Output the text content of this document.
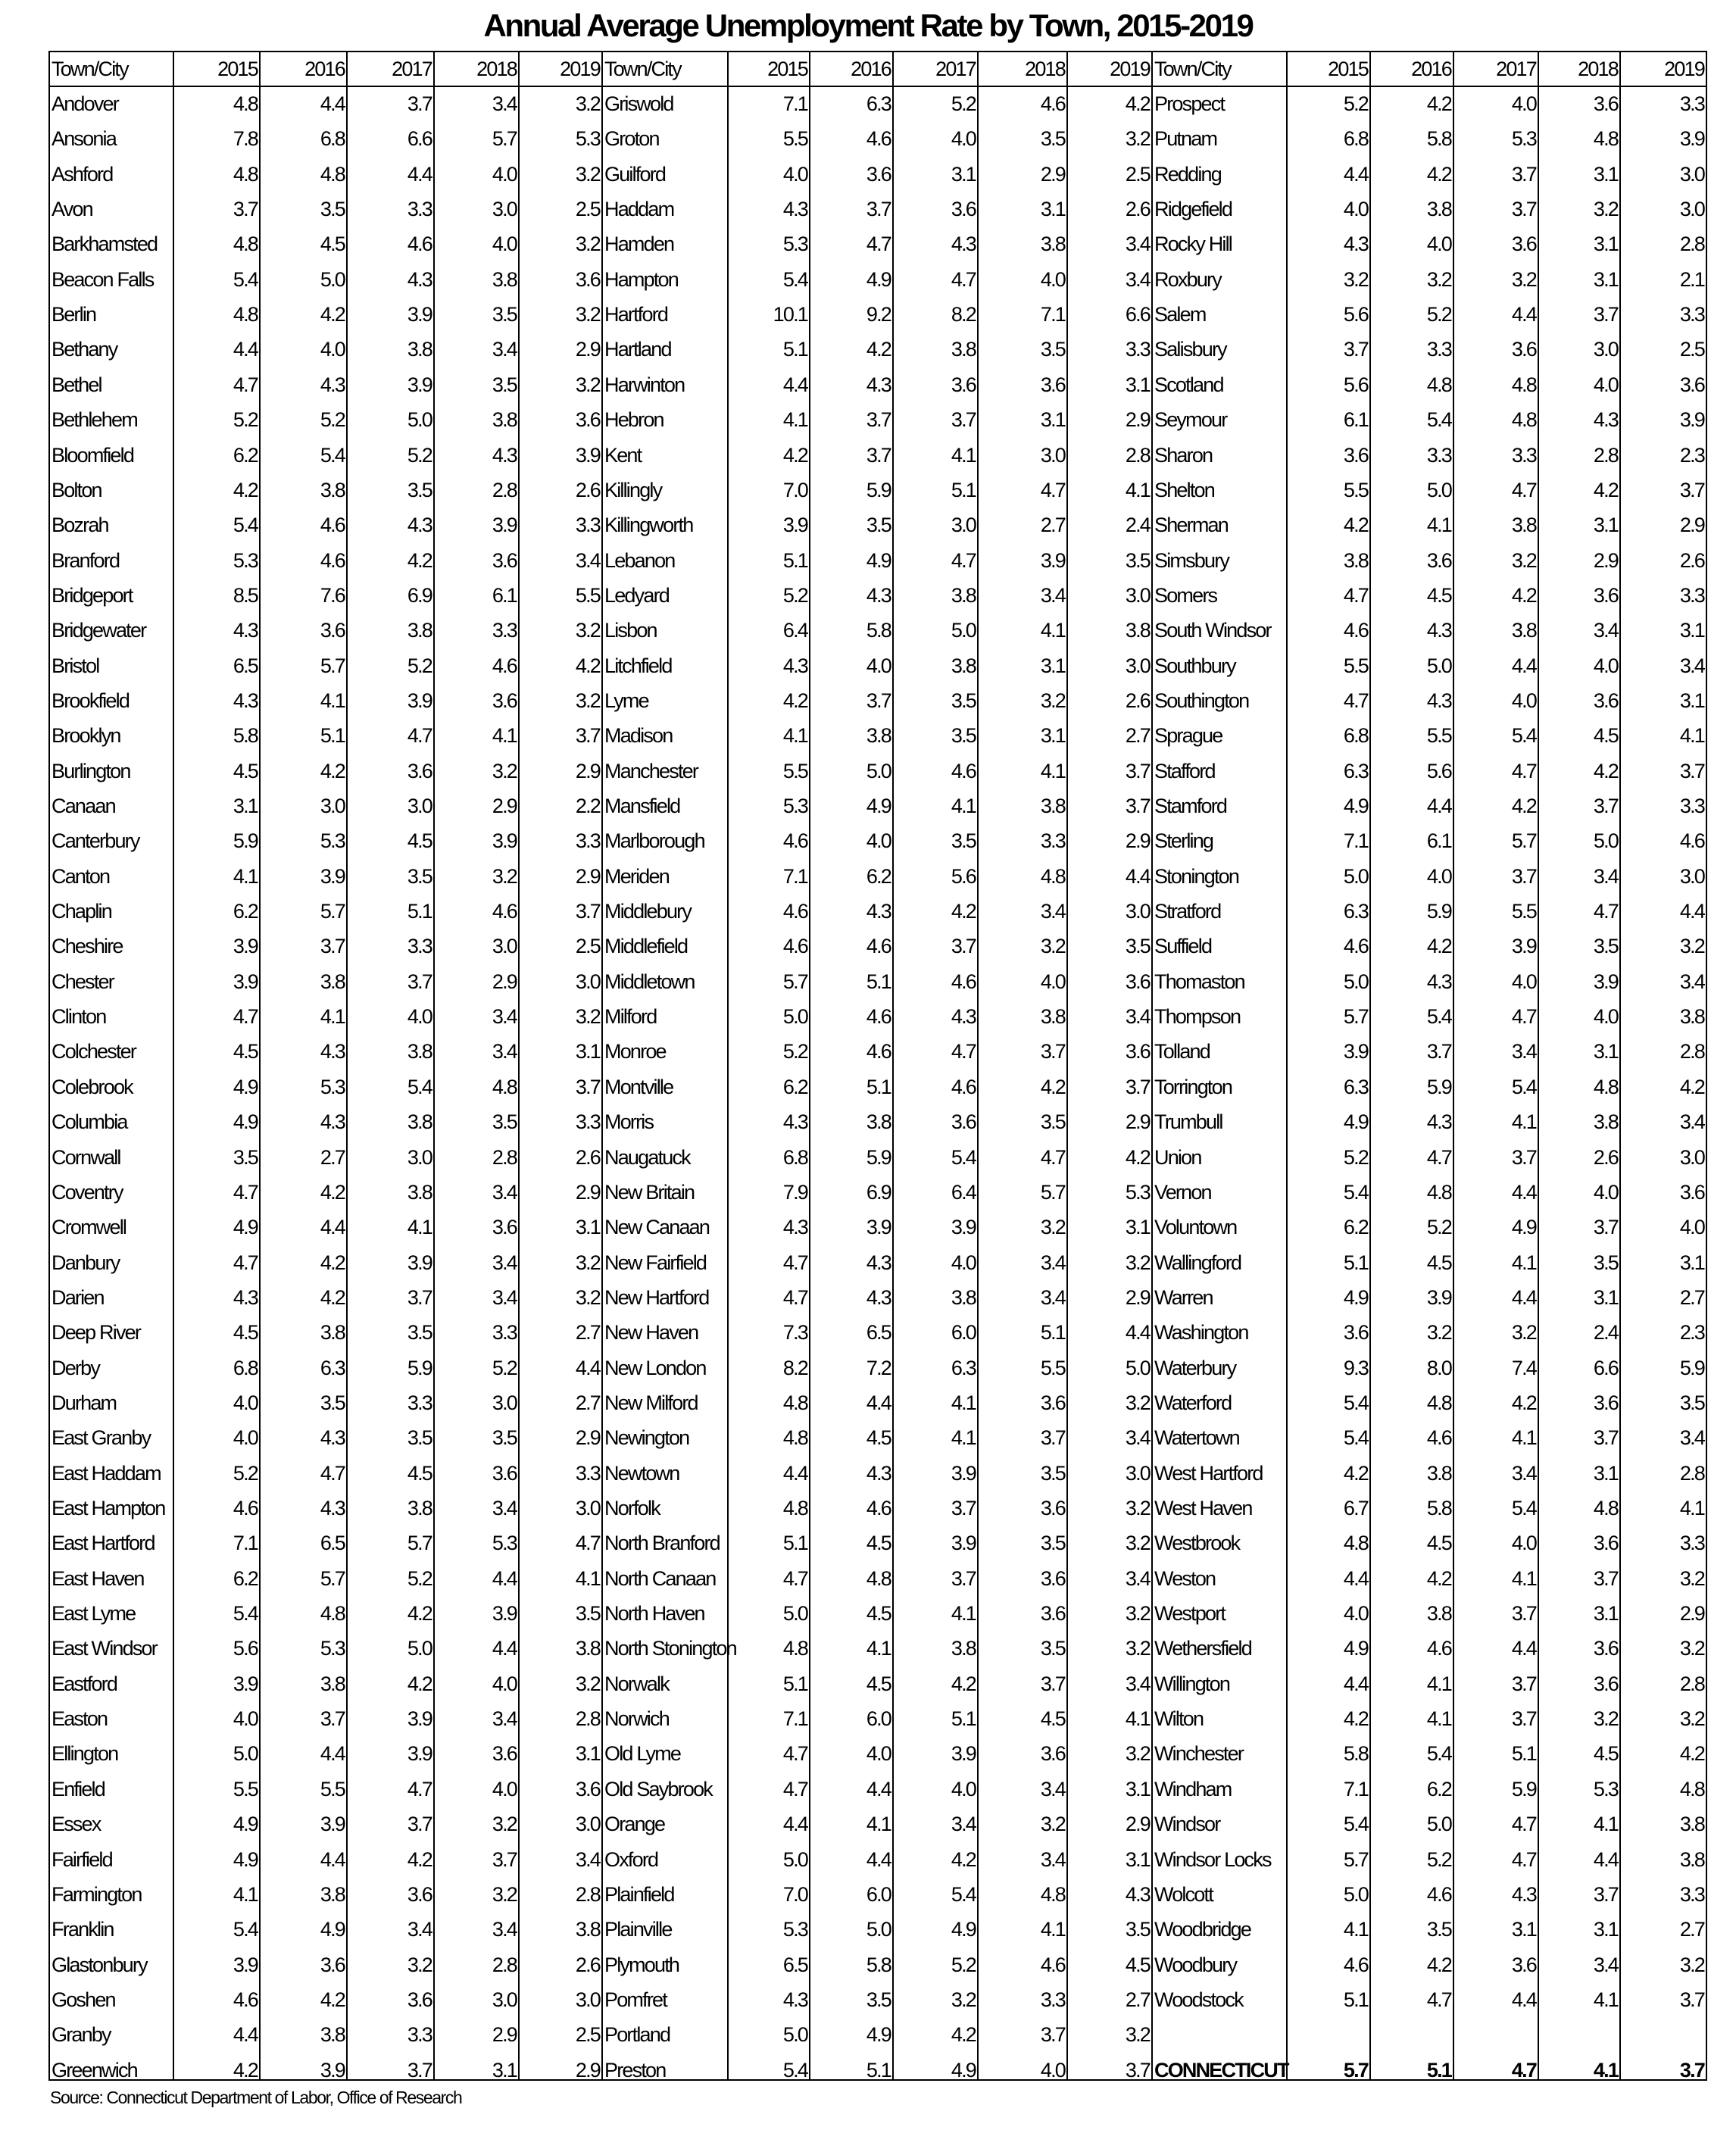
Annual Average Unemployment Rate by Town, 2015-2019
Town/City	2015	2016	2017	2018	2019 Town/City	2015	2016	2017	2018	2019 Town/City	2015	2016	2017	2018	2019
Andover	4.8	4.4	3.7	3.4	3.2
Ansonia	7.8	6.8	6.6	5.7	5.3
Ashford	4.8	4.8	4.4	4.0	3.2
Avon	3.7	3.5	3.3	3.0	2.5
Barkhamsted	4.8	4.5	4.6	4.0	3.2
Beacon Falls	5.4	5.0	4.3	3.8	3.6
Berlin	4.8	4.2	3.9	3.5	3.2
Bethany	4.4	4.0	3.8	3.4	2.9
Bethel	4.7	4.3	3.9	3.5	3.2
Bethlehem	5.2	5.2	5.0	3.8	3.6
Bloomfield	6.2	5.4	5.2	4.3	3.9
Bolton	4.2	3.8	3.5	2.8	2.6
Bozrah	5.4	4.6	4.3	3.9	3.3
Branford	5.3	4.6	4.2	3.6	3.4
Bridgeport	8.5	7.6	6.9	6.1	5.5
Bridgewater	4.3	3.6	3.8	3.3	3.2
Bristol	6.5	5.7	5.2	4.6	4.2
Brookfield	4.3	4.1	3.9	3.6	3.2
Brooklyn	5.8	5.1	4.7	4.1	3.7
Burlington	4.5	4.2	3.6	3.2	2.9
Canaan	3.1	3.0	3.0	2.9	2.2
Canterbury	5.9	5.3	4.5	3.9	3.3
Canton	4.1	3.9	3.5	3.2	2.9
Chaplin	6.2	5.7	5.1	4.6	3.7
Cheshire	3.9	3.7	3.3	3.0	2.5
Chester	3.9	3.8	3.7	2.9	3.0
Clinton	4.7	4.1	4.0	3.4	3.2
Colchester	4.5	4.3	3.8	3.4	3.1
Colebrook	4.9	5.3	5.4	4.8	3.7
Columbia	4.9	4.3	3.8	3.5	3.3
Cornwall	3.5	2.7	3.0	2.8	2.6
Coventry	4.7	4.2	3.8	3.4	2.9
Cromwell	4.9	4.4	4.1	3.6	3.1
Danbury	4.7	4.2	3.9	3.4	3.2
Darien	4.3	4.2	3.7	3.4	3.2
Deep River	4.5	3.8	3.5	3.3	2.7
Derby	6.8	6.3	5.9	5.2	4.4
Durham	4.0	3.5	3.3	3.0	2.7
East Granby	4.0	4.3	3.5	3.5	2.9
East Haddam	5.2	4.7	4.5	3.6	3.3
East Hampton	4.6	4.3	3.8	3.4	3.0
East Hartford	7.1	6.5	5.7	5.3	4.7
East Haven	6.2	5.7	5.2	4.4	4.1
East Lyme	5.4	4.8	4.2	3.9	3.5
East Windsor	5.6	5.3	5.0	4.4	3.8
Eastford	3.9	3.8	4.2	4.0	3.2
Easton	4.0	3.7	3.9	3.4	2.8
Ellington	5.0	4.4	3.9	3.6	3.1
Enfield	5.5	5.5	4.7	4.0	3.6
Essex	4.9	3.9	3.7	3.2	3.0
Fairfield	4.9	4.4	4.2	3.7	3.4
Farmington	4.1	3.8	3.6	3.2	2.8
Franklin	5.4	4.9	3.4	3.4	3.8
Glastonbury	3.9	3.6	3.2	2.8	2.6
Goshen	4.6	4.2	3.6	3.0	3.0
Granby	4.4	3.8	3.3	2.9	2.5
Greenwich	4.2	3.9	3.7	3.1	2.9
Griswold	7.1	6.3	5.2	4.6	4.2
Groton	5.5	4.6	4.0	3.5	3.2
Guilford	4.0	3.6	3.1	2.9	2.5
Haddam	4.3	3.7	3.6	3.1	2.6
Hamden	5.3	4.7	4.3	3.8	3.4
Hampton	5.4	4.9	4.7	4.0	3.4
Hartford	10.1	9.2	8.2	7.1	6.6
Hartland	5.1	4.2	3.8	3.5	3.3
Harwinton	4.4	4.3	3.6	3.6	3.1
Hebron	4.1	3.7	3.7	3.1	2.9
Kent	4.2	3.7	4.1	3.0	2.8
Killingly	7.0	5.9	5.1	4.7	4.1
Killingworth	3.9	3.5	3.0	2.7	2.4
Lebanon	5.1	4.9	4.7	3.9	3.5
Ledyard	5.2	4.3	3.8	3.4	3.0
Lisbon	6.4	5.8	5.0	4.1	3.8
Litchfield	4.3	4.0	3.8	3.1	3.0
Lyme	4.2	3.7	3.5	3.2	2.6
Madison	4.1	3.8	3.5	3.1	2.7
Manchester	5.5	5.0	4.6	4.1	3.7
Mansfield	5.3	4.9	4.1	3.8	3.7
Marlborough	4.6	4.0	3.5	3.3	2.9
Meriden	7.1	6.2	5.6	4.8	4.4
Middlebury	4.6	4.3	4.2	3.4	3.0
Middlefield	4.6	4.6	3.7	3.2	3.5
Middletown	5.7	5.1	4.6	4.0	3.6
Milford	5.0	4.6	4.3	3.8	3.4
Monroe	5.2	4.6	4.7	3.7	3.6
Montville	6.2	5.1	4.6	4.2	3.7
Morris	4.3	3.8	3.6	3.5	2.9
Naugatuck	6.8	5.9	5.4	4.7	4.2
New Britain	7.9	6.9	6.4	5.7	5.3
New Canaan	4.3	3.9	3.9	3.2	3.1
New Fairfield	4.7	4.3	4.0	3.4	3.2
New Hartford	4.7	4.3	3.8	3.4	2.9
New Haven	7.3	6.5	6.0	5.1	4.4
New London	8.2	7.2	6.3	5.5	5.0
New Milford	4.8	4.4	4.1	3.6	3.2
Newington	4.8	4.5	4.1	3.7	3.4
Newtown	4.4	4.3	3.9	3.5	3.0
Norfolk	4.8	4.6	3.7	3.6	3.2
North Branford	5.1	4.5	3.9	3.5	3.2
North Canaan	4.7	4.8	3.7	3.6	3.4
North Haven	5.0	4.5	4.1	3.6	3.2
North Stonington	4.8	4.1	3.8	3.5	3.2
Norwalk	5.1	4.5	4.2	3.7	3.4
Norwich	7.1	6.0	5.1	4.5	4.1
Old Lyme	4.7	4.0	3.9	3.6	3.2
Old Saybrook	4.7	4.4	4.0	3.4	3.1
Orange	4.4	4.1	3.4	3.2	2.9
Oxford	5.0	4.4	4.2	3.4	3.1
Plainfield	7.0	6.0	5.4	4.8	4.3
Plainville	5.3	5.0	4.9	4.1	3.5
Plymouth	6.5	5.8	5.2	4.6	4.5
Pomfret	4.3	3.5	3.2	3.3	2.7
Portland	5.0	4.9	4.2	3.7	3.2
Preston	5.4	5.1	4.9	4.0	3.7
Prospect	5.2	4.2	4.0	3.6	3.3
Putnam	6.8	5.8	5.3	4.8	3.9
Redding	4.4	4.2	3.7	3.1	3.0
Ridgefield	4.0	3.8	3.7	3.2	3.0
Rocky Hill	4.3	4.0	3.6	3.1	2.8
Roxbury	3.2	3.2	3.2	3.1	2.1
Salem	5.6	5.2	4.4	3.7	3.3
Salisbury	3.7	3.3	3.6	3.0	2.5
Scotland	5.6	4.8	4.8	4.0	3.6
Seymour	6.1	5.4	4.8	4.3	3.9
Sharon	3.6	3.3	3.3	2.8	2.3
Shelton	5.5	5.0	4.7	4.2	3.7
Sherman	4.2	4.1	3.8	3.1	2.9
Simsbury	3.8	3.6	3.2	2.9	2.6
Somers	4.7	4.5	4.2	3.6	3.3
South Windsor	4.6	4.3	3.8	3.4	3.1
Southbury	5.5	5.0	4.4	4.0	3.4
Southington	4.7	4.3	4.0	3.6	3.1
Sprague	6.8	5.5	5.4	4.5	4.1
Stafford	6.3	5.6	4.7	4.2	3.7
Stamford	4.9	4.4	4.2	3.7	3.3
Sterling	7.1	6.1	5.7	5.0	4.6
Stonington	5.0	4.0	3.7	3.4	3.0
Stratford	6.3	5.9	5.5	4.7	4.4
Suffield	4.6	4.2	3.9	3.5	3.2
Thomaston	5.0	4.3	4.0	3.9	3.4
Thompson	5.7	5.4	4.7	4.0	3.8
Tolland	3.9	3.7	3.4	3.1	2.8
Torrington	6.3	5.9	5.4	4.8	4.2
Trumbull	4.9	4.3	4.1	3.8	3.4
Union	5.2	4.7	3.7	2.6	3.0
Vernon	5.4	4.8	4.4	4.0	3.6
Voluntown	6.2	5.2	4.9	3.7	4.0
Wallingford	5.1	4.5	4.1	3.5	3.1
Warren	4.9	3.9	4.4	3.1	2.7
Washington	3.6	3.2	3.2	2.4	2.3
Waterbury	9.3	8.0	7.4	6.6	5.9
Waterford	5.4	4.8	4.2	3.6	3.5
Watertown	5.4	4.6	4.1	3.7	3.4
West Hartford	4.2	3.8	3.4	3.1	2.8
West Haven	6.7	5.8	5.4	4.8	4.1
Westbrook	4.8	4.5	4.0	3.6	3.3
Weston	4.4	4.2	4.1	3.7	3.2
Westport	4.0	3.8	3.7	3.1	2.9
Wethersfield	4.9	4.6	4.4	3.6	3.2
Willington	4.4	4.1	3.7	3.6	2.8
Wilton	4.2	4.1	3.7	3.2	3.2
Winchester	5.8	5.4	5.1	4.5	4.2
Windham	7.1	6.2	5.9	5.3	4.8
Windsor	5.4	5.0	4.7	4.1	3.8
Windsor Locks	5.7	5.2	4.7	4.4	3.8
Wolcott	5.0	4.6	4.3	3.7	3.3
Woodbridge	4.1	3.5	3.1	3.1	2.7
Woodbury	4.6	4.2	3.6	3.4	3.2
Woodstock	5.1	4.7	4.4	4.1	3.7
CONNECTICUT	5.7	5.1	4.7	4.1	3.7
Source: Connecticut Department of Labor, Office of Research
